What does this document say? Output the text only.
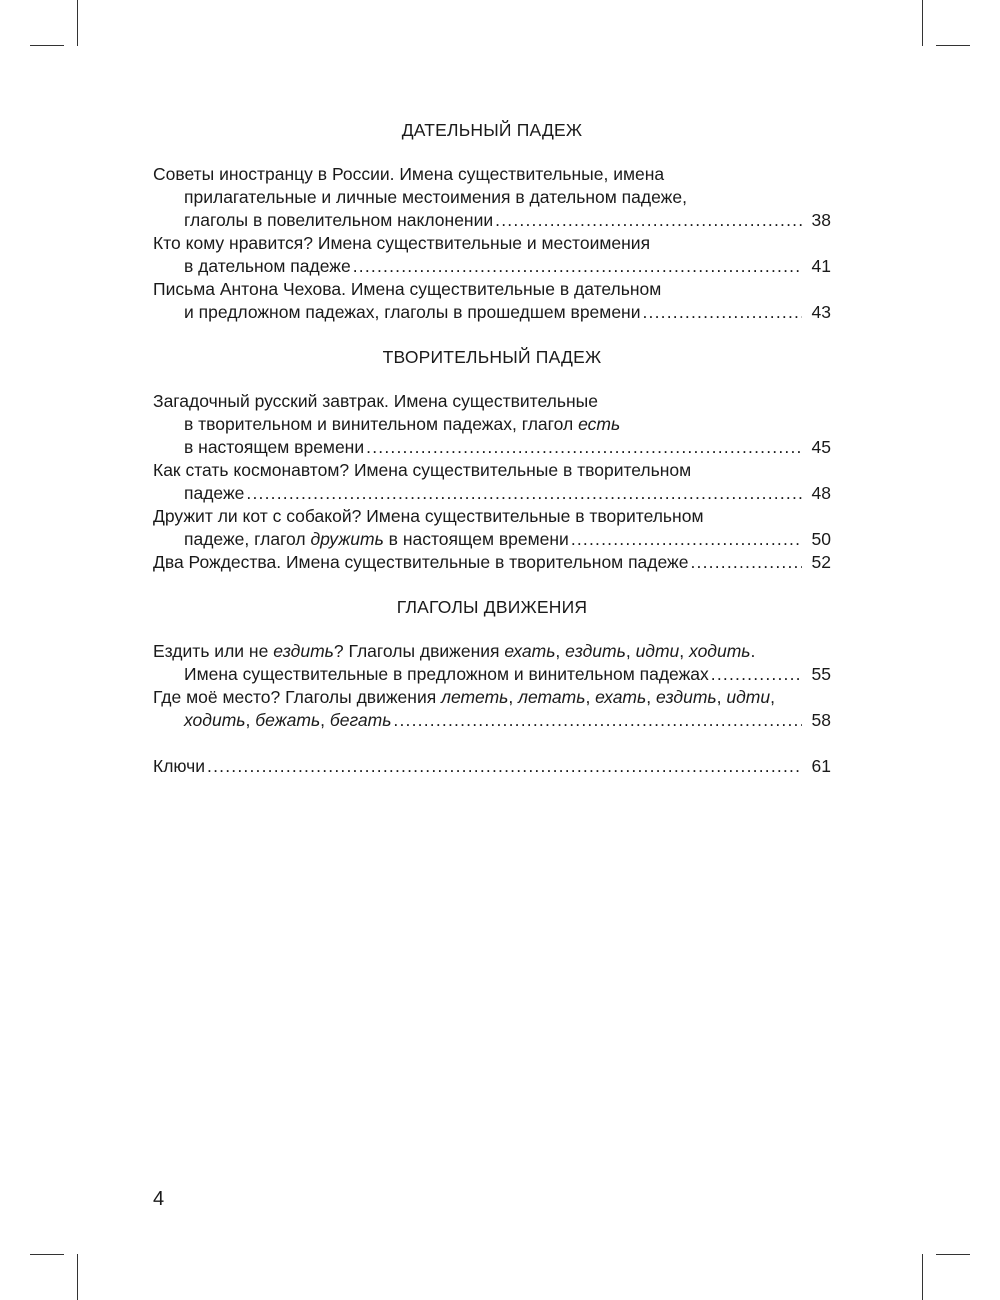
ДАТЕЛЬНЫЙ ПАДЕЖ
Советы иностранцу в России. Имена существительные, имена
прилагательные и личные местоимения в дательном падеже,
глаголы в повелительном наклонении .....	38
Кто кому нравится? Имена существительные и местоимения
в дательном падеже .....	41
Письма Антона Чехова. Имена существительные в дательном
и предложном падежах, глаголы в прошедшем времени .....	43
ТВОРИТЕЛЬНЫЙ ПАДЕЖ
Загадочный русский завтрак. Имена существительные
в творительном и винительном падежах, глагол есть
в настоящем времени .....	45
Как стать космонавтом? Имена существительные в творительном
падеже .....	48
Дружит ли кот с собакой? Имена существительные в творительном
падеже, глагол дружить в настоящем времени .....	50
Два Рождества. Имена существительные в творительном падеже .....	52
ГЛАГОЛЫ ДВИЖЕНИЯ
Ездить или не ездить? Глаголы движения ехать, ездить, идти, ходить.
Имена существительные в предложном и винительном падежах .....	55
Где моё место? Глаголы движения лететь, летать, ехать, ездить, идти,
ходить, бежать, бегать .....	58
Ключи .....	61
4
